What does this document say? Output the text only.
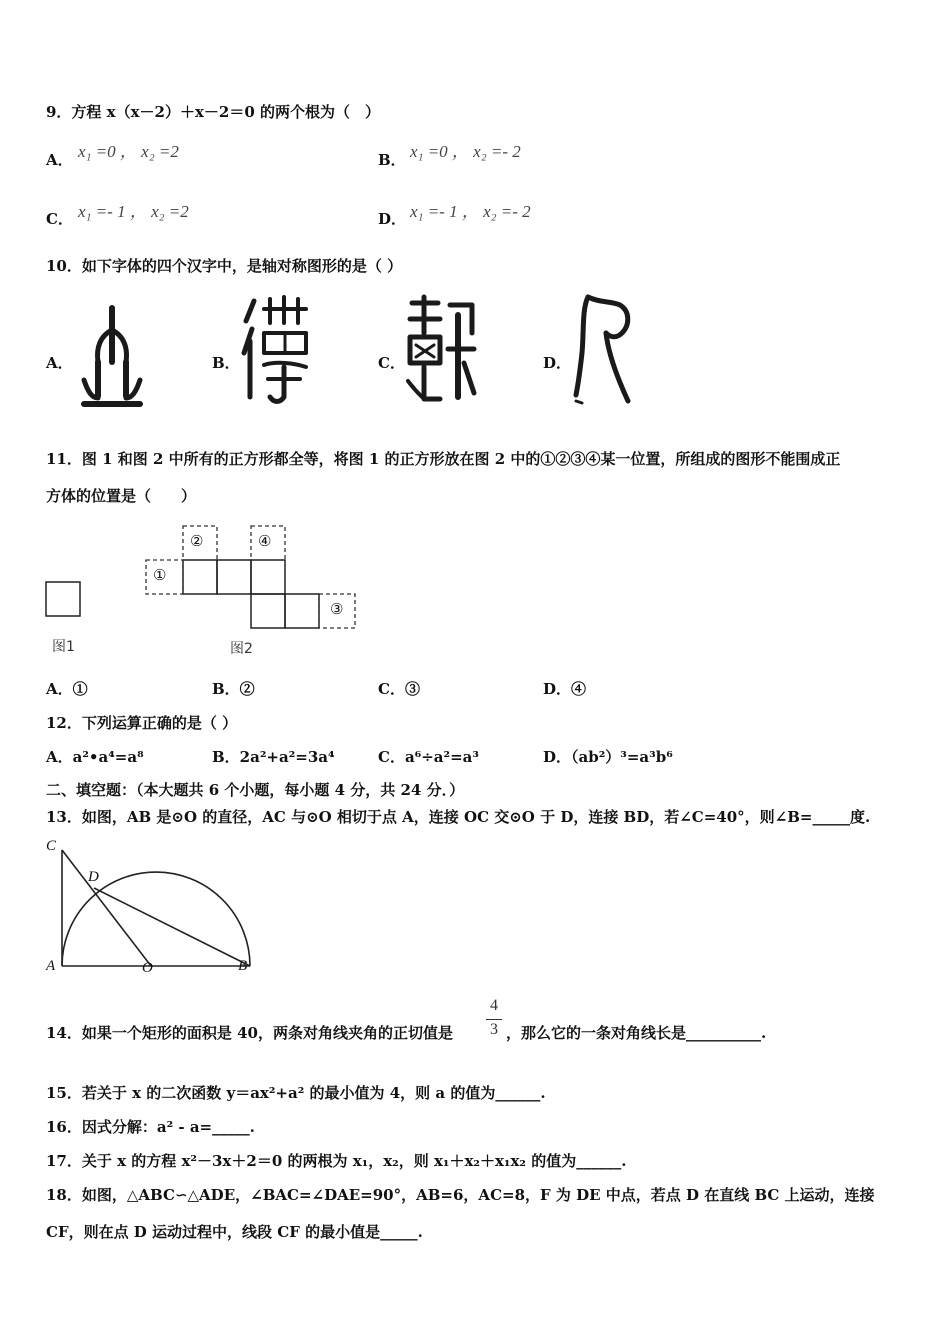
9．方程 x（x－2）＋x－2＝0 的两个根为（　）
A． x₁ =0 ， x₂ =2	B． x₁ =0 ， x₂ =- 2
C． x₁ =- 1 ， x₂ =2	D． x₁ =- 1 ， x₂ =- 2
10．如下字体的四个汉字中，是轴对称图形的是（ ）
A．	B．	C．	D．
11．图 1 和图 2 中所有的正方形都全等，将图 1 的正方形放在图 2 中的①②③④某一位置，所组成的图形不能围成正
方体的位置是（　　）
①
②
③
④
图1	图2
A．①	B．②	C．③	D．④
12．下列运算正确的是（ ）
A．a²•a⁴=a⁸	B．2a²+a²=3a⁴	C．a⁶÷a²=a³	D．（ab²）³=a³b⁶
二、填空题：（本大题共 6 个小题，每小题 4 分，共 24 分．）
13．如图，AB 是⊙O 的直径，AC 与⊙O 相切于点 A，连接 OC 交⊙O 于 D，连接 BD，若∠C=40°，则∠B=_____度.
C
D
A	O	B
14．如果一个矩形的面积是 40，两条对角线夹角的正切值是
4
3 ，那么它的一条对角线长是__________.
15．若关于 x 的二次函数 y＝ax²+a² 的最小值为 4，则 a 的值为______.
16．因式分解：a² - a=_____.
17．关于 x 的方程 x²－3x＋2＝0 的两根为 x₁，x₂，则 x₁＋x₂＋x₁x₂ 的值为______.
18．如图，△ABC∽△ADE，∠BAC=∠DAE=90°，AB=6，AC=8，F 为 DE 中点，若点 D 在直线 BC 上运动，连接
CF，则在点 D 运动过程中，线段 CF 的最小值是_____.
